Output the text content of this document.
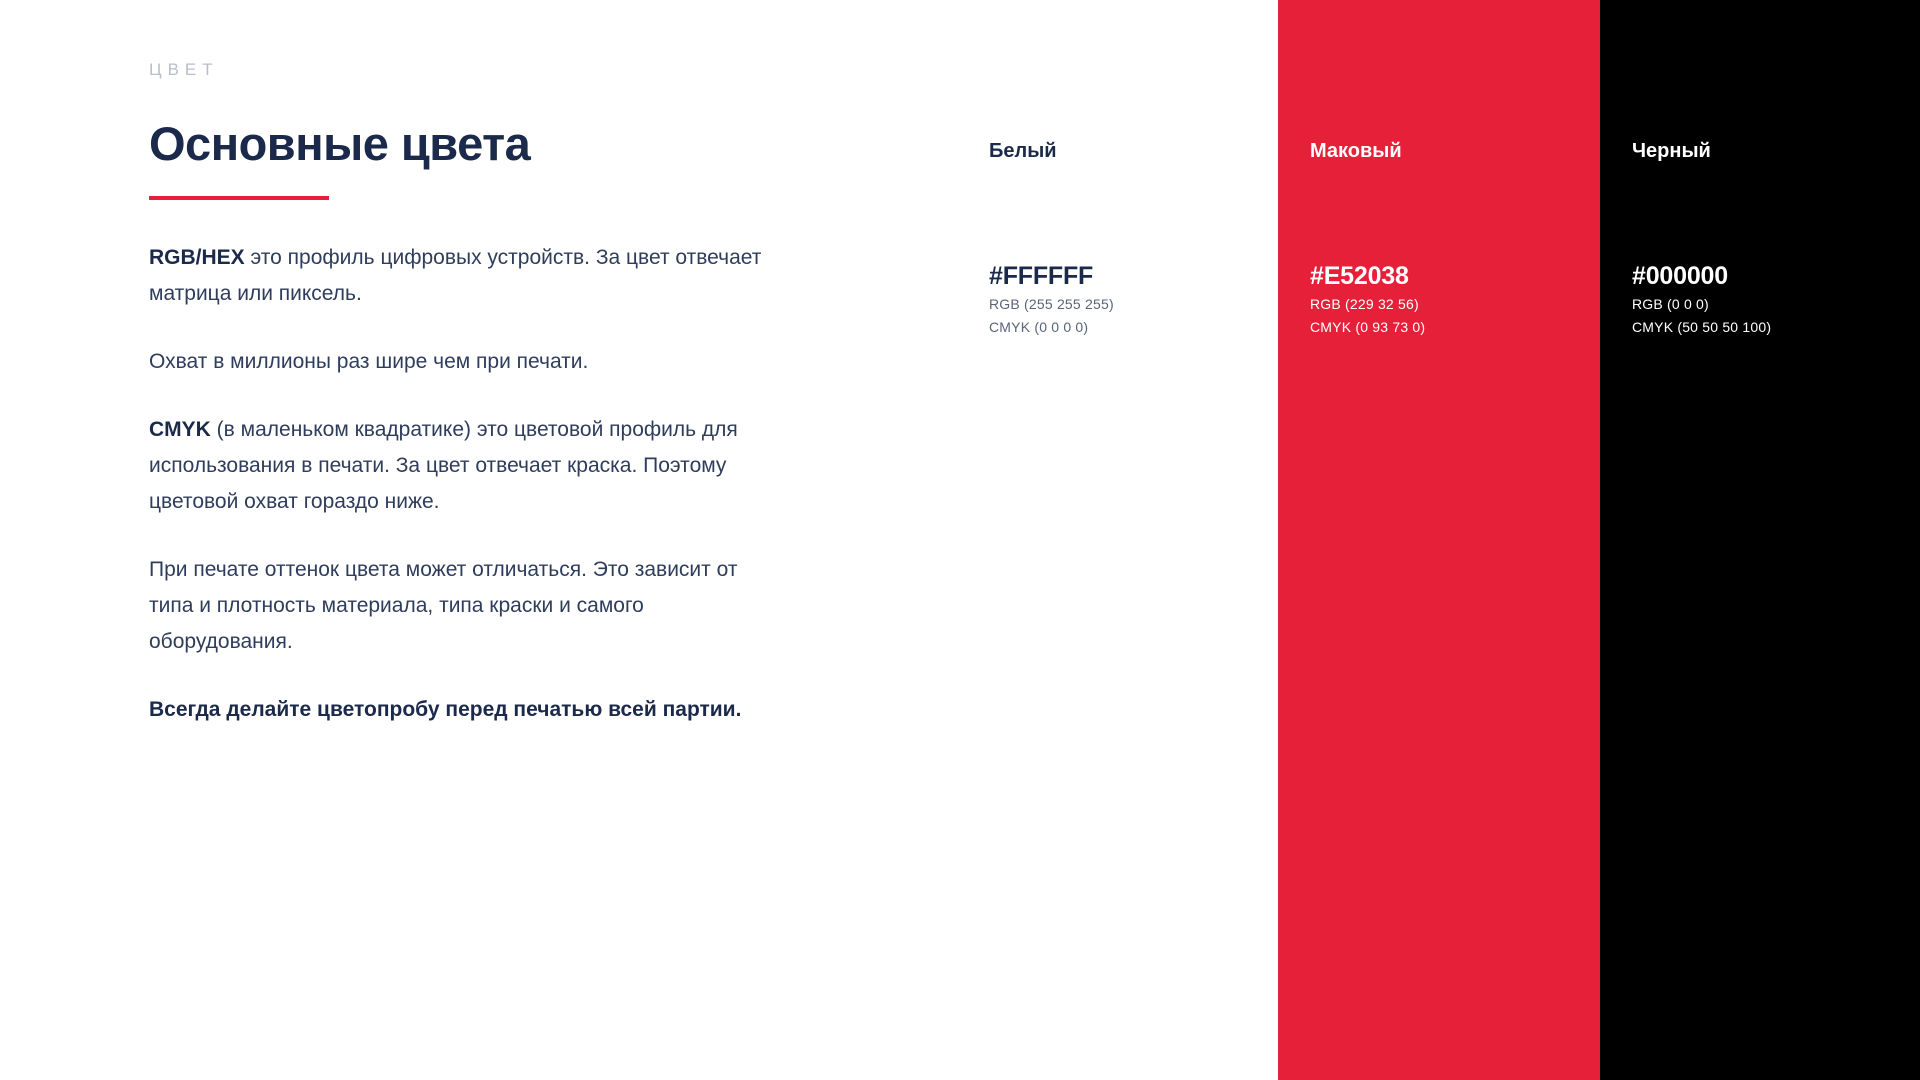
ЦВЕТ
Основные цвета

RGB/HEX это профиль цифровых устройств. За цвет отвечает матрица или пиксель.

Охват в миллионы раз шире чем при печати.

CMYK (в маленьком квадратике) это цветовой профиль для использования в печати. За цвет отвечает краска. Поэтому цветовой охват гораздо ниже.

При печате оттенок цвета может отличаться. Это зависит от типа и плотность материала, типа краски и самого оборудования.

Всегда делайте цветопробу перед печатью всей партии.

Белый
#FFFFFF
RGB (255 255 255)
CMYK (0 0 0 0)
Маковый
#E52038
RGB (229 32 56)
CMYK (0 93 73 0)
Черный
#000000
RGB (0 0 0)
CMYK (50 50 50 100)
